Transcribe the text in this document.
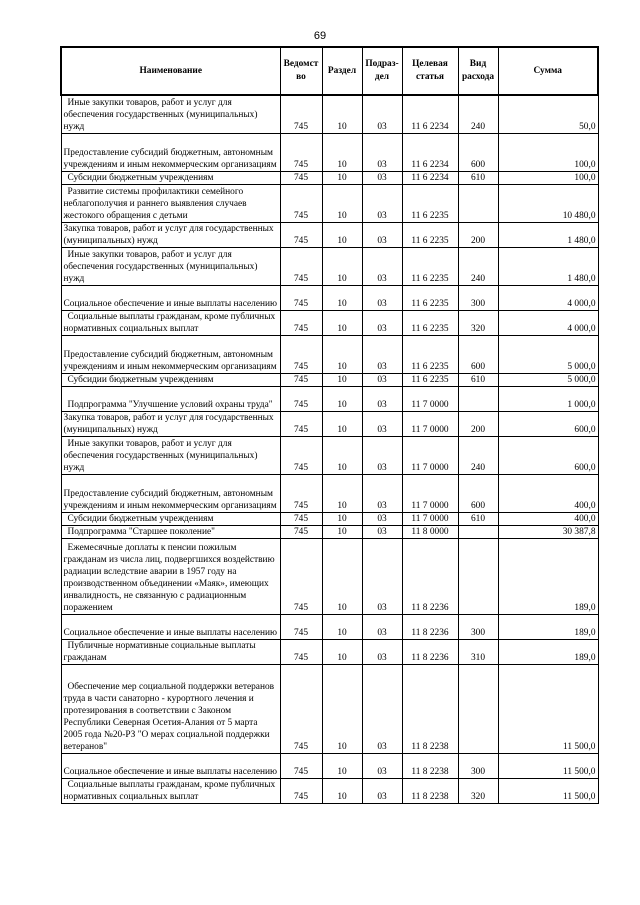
69
Наименование	Ведомст во	Раздел	Подраз- дел	Целевая статья	Вид расхода	Сумма

Иные закупки товаров, работ и услуг для обеспечения государственных (муниципальных) нужд	745	10	03	11 6 2234	240	50,0

Предоставление субсидий бюджетным, автономным учреждениям и иным некоммерческим организациям	745	10	03	11 6 2234	600	100,0

Субсидии бюджетным учреждениям	745	10	03	11 6 2234	610	100,0

Развитие системы профилактики семейного неблагополучия и раннего выявления случаев жестокого обращения с детьми	745	10	03	11 6 2235		10 480,0

Закупка товаров, работ и услуг для государственных (муниципальных) нужд	745	10	03	11 6 2235	200	1 480,0

Иные закупки товаров, работ и услуг для обеспечения государственных (муниципальных) нужд	745	10	03	11 6 2235	240	1 480,0

Социальное обеспечение и иные выплаты населению	745	10	03	11 6 2235	300	4 000,0

Социальные выплаты гражданам, кроме публичных нормативных социальных выплат	745	10	03	11 6 2235	320	4 000,0

Предоставление субсидий бюджетным, автономным учреждениям и иным некоммерческим организациям	745	10	03	11 6 2235	600	5 000,0

Субсидии бюджетным учреждениям	745	10	03	11 6 2235	610	5 000,0

Подпрограмма "Улучшение условий охраны труда"	745	10	03	11 7 0000		1 000,0

Закупка товаров, работ и услуг для государственных (муниципальных) нужд	745	10	03	11 7 0000	200	600,0

Иные закупки товаров, работ и услуг для обеспечения государственных (муниципальных) нужд	745	10	03	11 7 0000	240	600,0

Предоставление субсидий бюджетным, автономным учреждениям и иным некоммерческим организациям	745	10	03	11 7 0000	600	400,0

Субсидии бюджетным учреждениям	745	10	03	11 7 0000	610	400,0

Подпрограмма "Старшее поколение"	745	10	03	11 8 0000		30 387,8

Ежемесячные доплаты к пенсии пожилым гражданам из числа лиц, подвергшихся воздействию радиации вследствие аварии в 1957 году на производственном объединении «Маяк», имеющих инвалидность, не связанную с радиационным поражением	745	10	03	11 8 2236		189,0

Социальное обеспечение и иные выплаты населению	745	10	03	11 8 2236	300	189,0

Публичные нормативные социальные выплаты гражданам	745	10	03	11 8 2236	310	189,0

Обеспечение мер социальной поддержки ветеранов труда в части санаторно - курортного лечения и протезирования в соответствии с Законом Республики Северная Осетия-Алания от 5 марта 2005 года №20-РЗ "О мерах социальной поддержки ветеранов"	745	10	03	11 8 2238		11 500,0

Социальное обеспечение и иные выплаты населению	745	10	03	11 8 2238	300	11 500,0

Социальные выплаты гражданам, кроме публичных нормативных социальных выплат	745	10	03	11 8 2238	320	11 500,0
